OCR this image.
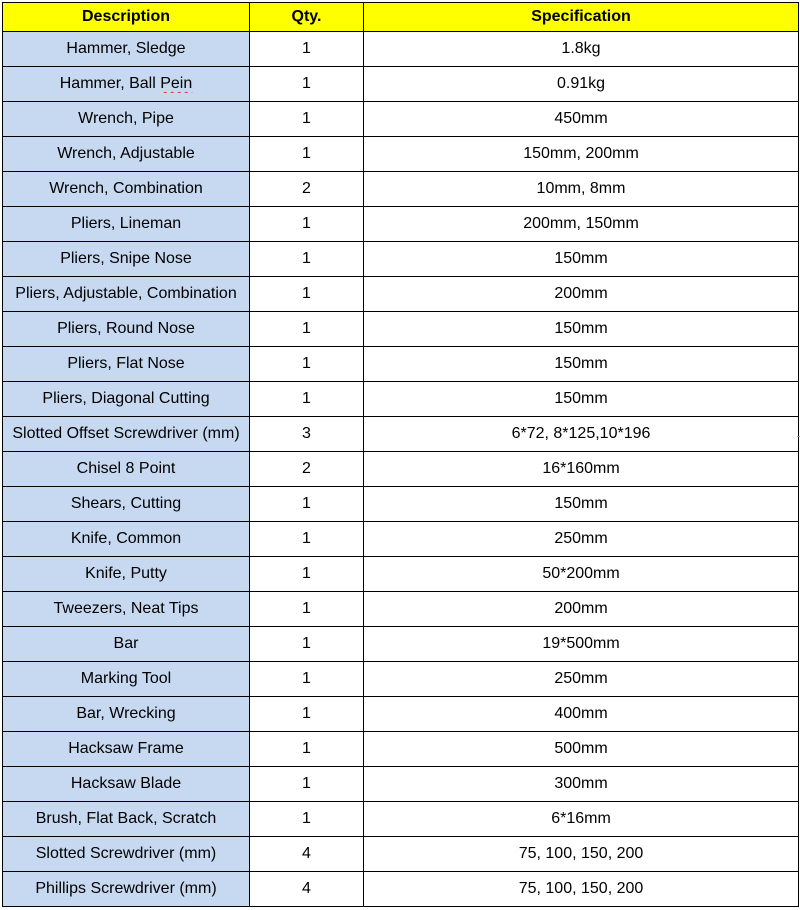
Description	Qty.	Specification

Hammer, Sledge	1	1.8kg

Hammer, Ball Pein	1	0.91kg

Wrench, Pipe	1	450mm

Wrench, Adjustable	1	150mm, 200mm

Wrench, Combination	2	10mm, 8mm

Pliers, Lineman	1	200mm, 150mm

Pliers, Snipe Nose	1	150mm

Pliers, Adjustable, Combination	1	200mm

Pliers, Round Nose	1	150mm

Pliers, Flat Nose	1	150mm

Pliers, Diagonal Cutting	1	150mm

Slotted Offset Screwdriver (mm)	3	6*72, 8*125,10*196

Chisel 8 Point	2	16*160mm

Shears, Cutting	1	150mm

Knife, Common	1	250mm

Knife, Putty	1	50*200mm

Tweezers, Neat Tips	1	200mm

Bar	1	19*500mm

Marking Tool	1	250mm

Bar, Wrecking	1	400mm

Hacksaw Frame	1	500mm

Hacksaw Blade	1	300mm

Brush, Flat Back, Scratch	1	6*16mm

Slotted Screwdriver (mm)	4	75, 100, 150, 200

Phillips Screwdriver (mm)	4	75, 100, 150, 200
